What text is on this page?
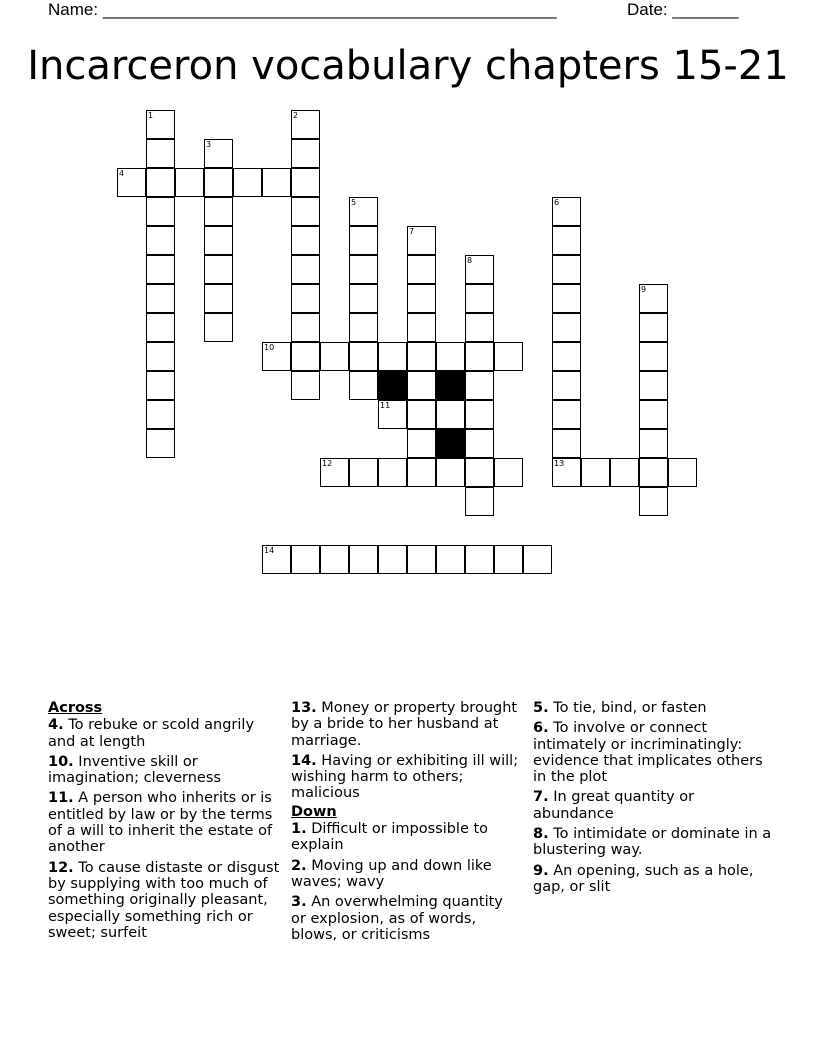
Name: ________________________________________________	Date: _______
Incarceron vocabulary chapters 15-21
1	2
3
4
5	6
13
7
8
9
10
11
12
14
Across

4. To rebuke or scold angrily and at length

10. Inventive skill or imagination; cleverness

11. A person who inherits or is entitled by law or by the terms of a will to inherit the estate of another

12. To cause distaste or disgust by supplying with too much of something originally pleasant, especially something rich or sweet; surfeit

13. Money or property brought by a bride to her husband at marriage.

14. Having or exhibiting ill will; wishing harm to others; malicious

Down

1. Difficult or impossible to explain

2. Moving up and down like waves; wavy

3. An overwhelming quantity or explosion, as of words, blows, or criticisms

5. To tie, bind, or fasten

6. To involve or connect intimately or incriminatingly: evidence that implicates others in the plot

7. In great quantity or abundance

8. To intimidate or dominate in a blustering way.

9. An opening, such as a hole, gap, or slit
